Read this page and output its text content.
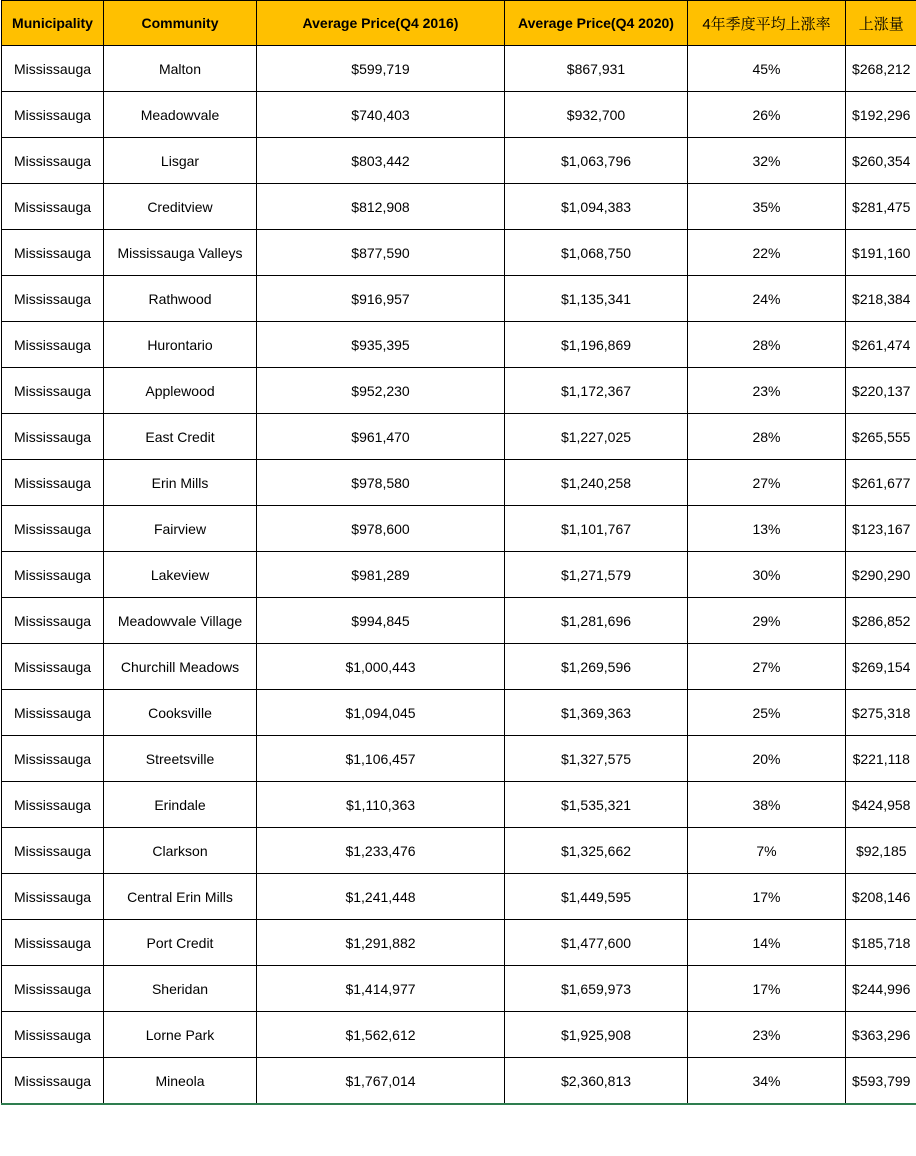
Municipality	Community	Average Price(Q4 2016)	Average Price(Q4 2020)	4年季度平均上涨率	上涨量
Mississauga	Malton	$599,719	$867,931	45%	$268,212
Mississauga	Meadowvale	$740,403	$932,700	26%	$192,296
Mississauga	Lisgar	$803,442	$1,063,796	32%	$260,354
Mississauga	Creditview	$812,908	$1,094,383	35%	$281,475
Mississauga	Mississauga Valleys	$877,590	$1,068,750	22%	$191,160
Mississauga	Rathwood	$916,957	$1,135,341	24%	$218,384
Mississauga	Hurontario	$935,395	$1,196,869	28%	$261,474
Mississauga	Applewood	$952,230	$1,172,367	23%	$220,137
Mississauga	East Credit	$961,470	$1,227,025	28%	$265,555
Mississauga	Erin Mills	$978,580	$1,240,258	27%	$261,677
Mississauga	Fairview	$978,600	$1,101,767	13%	$123,167
Mississauga	Lakeview	$981,289	$1,271,579	30%	$290,290
Mississauga	Meadowvale Village	$994,845	$1,281,696	29%	$286,852
Mississauga	Churchill Meadows	$1,000,443	$1,269,596	27%	$269,154
Mississauga	Cooksville	$1,094,045	$1,369,363	25%	$275,318
Mississauga	Streetsville	$1,106,457	$1,327,575	20%	$221,118
Mississauga	Erindale	$1,110,363	$1,535,321	38%	$424,958
Mississauga	Clarkson	$1,233,476	$1,325,662	7%	$92,185
Mississauga	Central Erin Mills	$1,241,448	$1,449,595	17%	$208,146
Mississauga	Port Credit	$1,291,882	$1,477,600	14%	$185,718
Mississauga	Sheridan	$1,414,977	$1,659,973	17%	$244,996
Mississauga	Lorne Park	$1,562,612	$1,925,908	23%	$363,296
Mississauga	Mineola	$1,767,014	$2,360,813	34%	$593,799
